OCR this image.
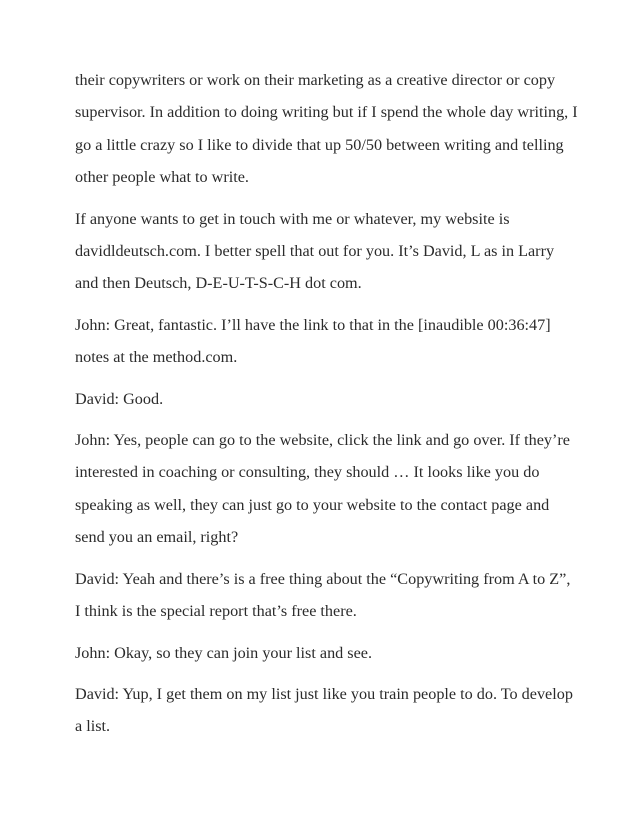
their copywriters or work on their marketing as a creative director or copy
supervisor. In addition to doing writing but if I spend the whole day writing, I
go a little crazy so I like to divide that up 50/50 between writing and telling
other people what to write.

If anyone wants to get in touch with me or whatever, my website is
davidldeutsch.com. I better spell that out for you. It’s David, L as in Larry
and then Deutsch, D-E-U-T-S-C-H dot com.

John: Great, fantastic. I’ll have the link to that in the [inaudible 00:36:47]
notes at the method.com.

David: Good.

John: Yes, people can go to the website, click the link and go over. If they’re
interested in coaching or consulting, they should … It looks like you do
speaking as well, they can just go to your website to the contact page and
send you an email, right?

David: Yeah and there’s is a free thing about the “Copywriting from A to Z”,
I think is the special report that’s free there.

John: Okay, so they can join your list and see.

David: Yup, I get them on my list just like you train people to do. To develop
a list.
